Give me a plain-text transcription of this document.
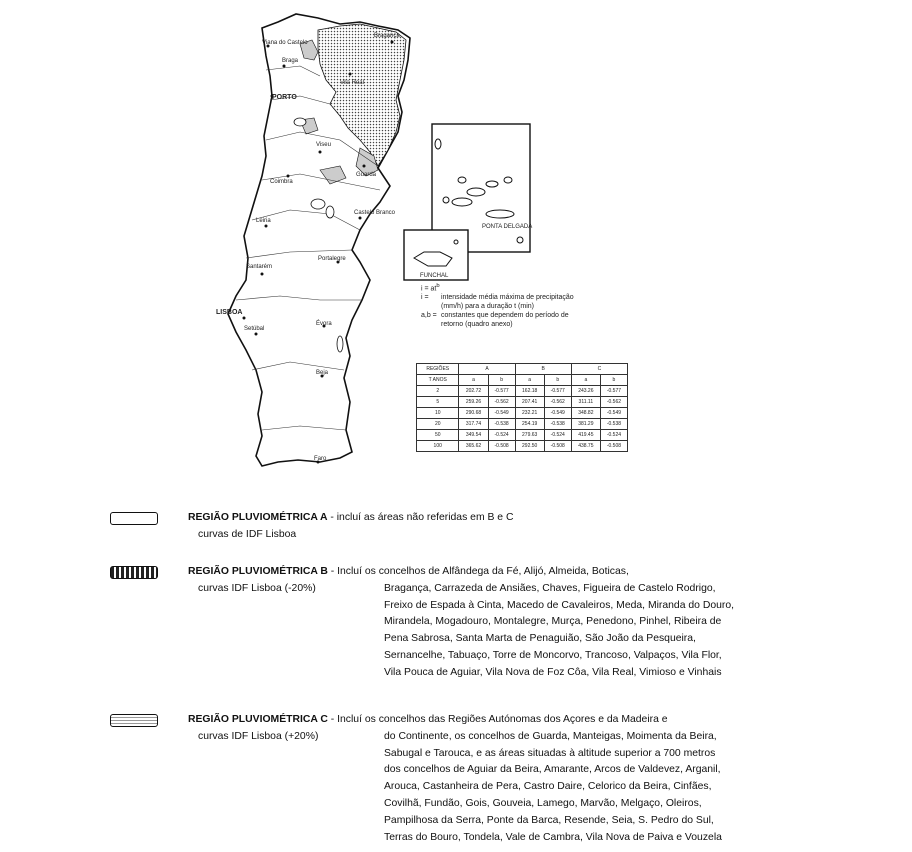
Viana do Castelo
Braga
Bragança
Vila Real
PORTO
Viseu
Guarda
Coimbra
Castelo Branco
Leiria
Santarém
Portalegre
LISBOA
Setúbal
Évora
Beja
Faro
PONTA DELGADA
FUNCHAL
$i = at^b$
i =	intensidade média máxima de precipitação
(mm/h) para a duração t (min)
a,b = constantes que dependem do período de
retorno (quadro anexo)
REGIÕES	A		B		C	
T ANOS	a	b	a	b	a	b
2	202.72	-0.577	162.18	-0.577	243.26	-0.577
5	259.26	-0.562	207.41	-0.562	311.11	-0.562
10	290.68	-0.549	232.21	-0.549	348.82	-0.549
20	317.74	-0.538	254.19	-0.538	381.29	-0.538
50	349.54	-0.524	279.63	-0.524	419.45	-0.524
100	365.62	-0.508	292.50	-0.508	438.75	-0.508
REGIÃO PLUVIOMÉTRICA A - incluí as áreas não referidas em B e C
curvas de IDF Lisboa
REGIÃO PLUVIOMÉTRICA B - Incluí os concelhos de Alfândega da Fé, Alijó, Almeida, Boticas,
curvas IDF Lisboa (-20%)	Bragança, Carrazeda de Ansiães, Chaves, Figueira de Castelo Rodrigo,
Freixo de Espada à Cinta, Macedo de Cavaleiros, Meda, Miranda do Douro,
Mirandela, Mogadouro, Montalegre, Murça, Penedono, Pinhel, Ribeira de
Pena Sabrosa, Santa Marta de Penaguião, São João da Pesqueira,
Sernancelhe, Tabuaço, Torre de Moncorvo, Trancoso, Valpaços, Vila Flor,
Vila Pouca de Aguiar, Vila Nova de Foz Côa, Vila Real, Vimioso e Vinhais
REGIÃO PLUVIOMÉTRICA C - Incluí os concelhos das Regiões Autónomas dos Açores e da Madeira e
curvas IDF Lisboa (+20%)	do Continente, os concelhos de Guarda, Manteigas, Moimenta da Beira,
Sabugal e Tarouca, e as áreas situadas à altitude superior a 700 metros
dos concelhos de Aguiar da Beira, Amarante, Arcos de Valdevez, Arganil,
Arouca, Castanheira de Pera, Castro Daire, Celorico da Beira, Cinfães,
Covilhã, Fundão, Gois, Gouveia, Lamego, Marvão, Melgaço, Oleiros,
Pampilhosa da Serra, Ponte da Barca, Resende, Seia, S. Pedro do Sul,
Terras do Bouro, Tondela, Vale de Cambra, Vila Nova de Paiva e Vouzela
